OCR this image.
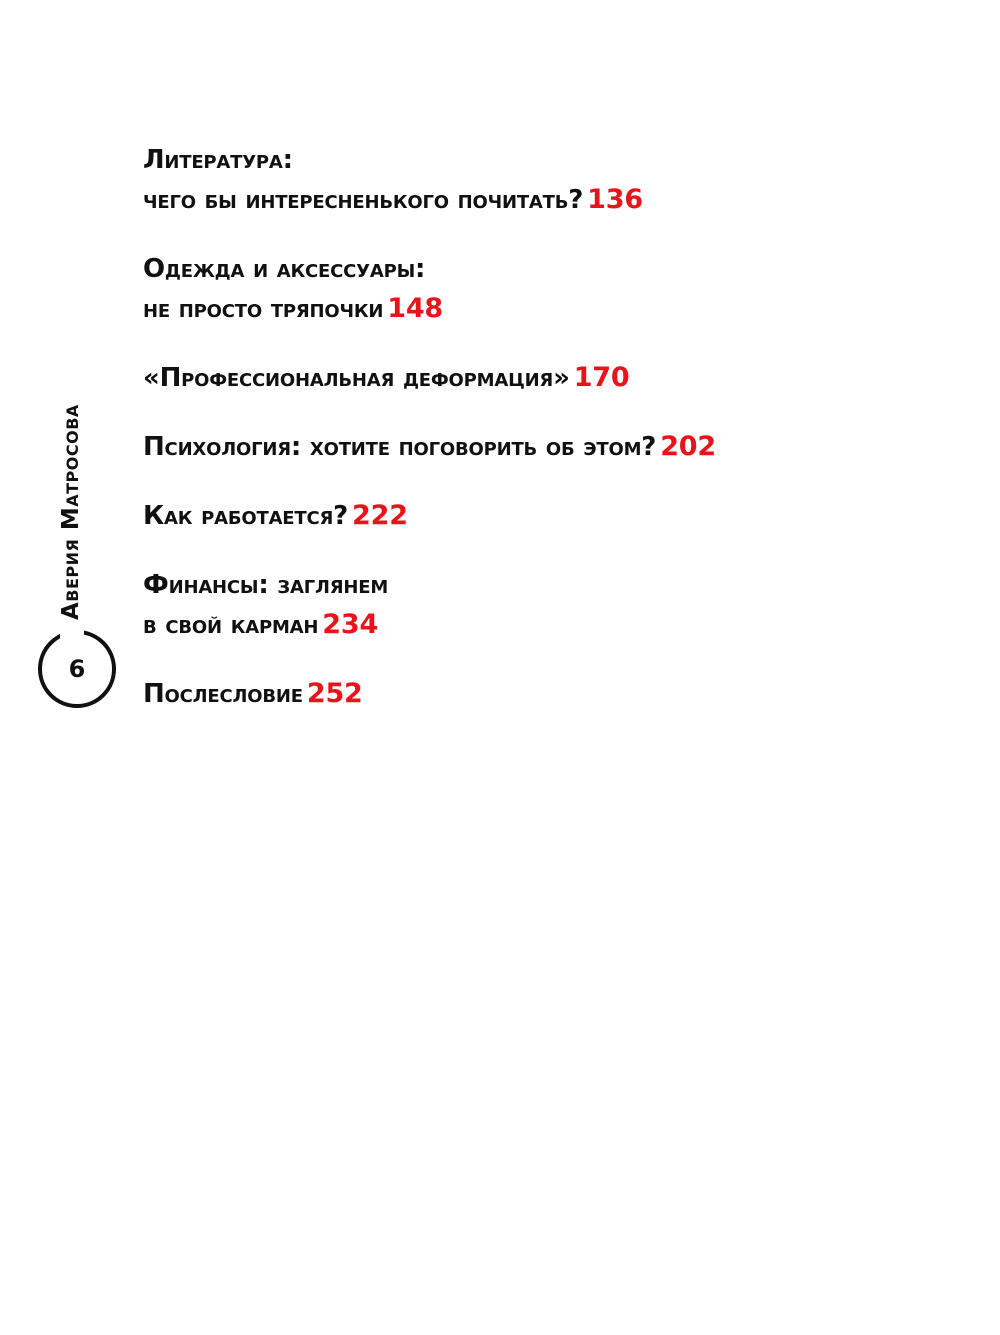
Аверия Матросова
6
Литература:
чего бы интересненького почитать? 136
Одежда и аксессуары:
не просто тряпочки 148
«Профессиональная деформация» 170
Психология: хотите поговорить об этом? 202
Как работается? 222
Финансы: заглянем
в свой карман 234
Послесловие 252
